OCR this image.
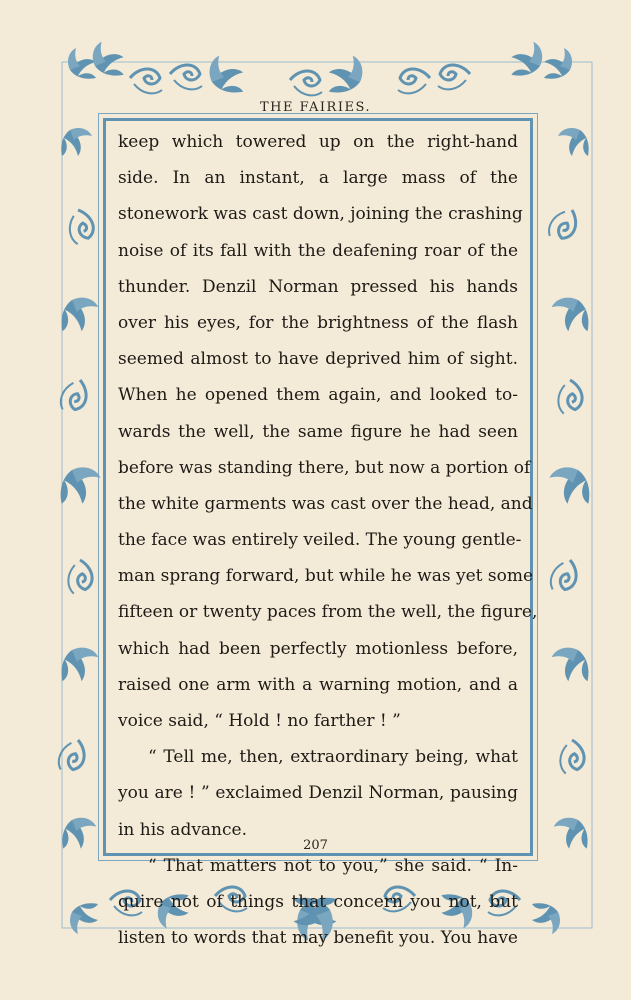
THE FAIRIES.
keep which towered up on the right-hand
side. In an instant, a large mass of the
stonework was cast down, joining the crashing
noise of its fall with the deafening roar of the
thunder. Denzil Norman pressed his hands
over his eyes, for the brightness of the flash
seemed almost to have deprived him of sight.
When he opened them again, and looked to-
wards the well, the same figure he had seen
before was standing there, but now a portion of
the white garments was cast over the head, and
the face was entirely veiled. The young gentle-
man sprang forward, but while he was yet some
fifteen or twenty paces from the well, the figure,
which had been perfectly motionless before,
raised one arm with a warning motion, and a
voice said, “ Hold ! no farther ! ”
“ Tell me, then, extraordinary being, what
you are ! ” exclaimed Denzil Norman, pausing
in his advance.
“ That matters not to you,” she said. “ In-
quire not of things that concern you not, but
listen to words that may benefit you. You have
207
